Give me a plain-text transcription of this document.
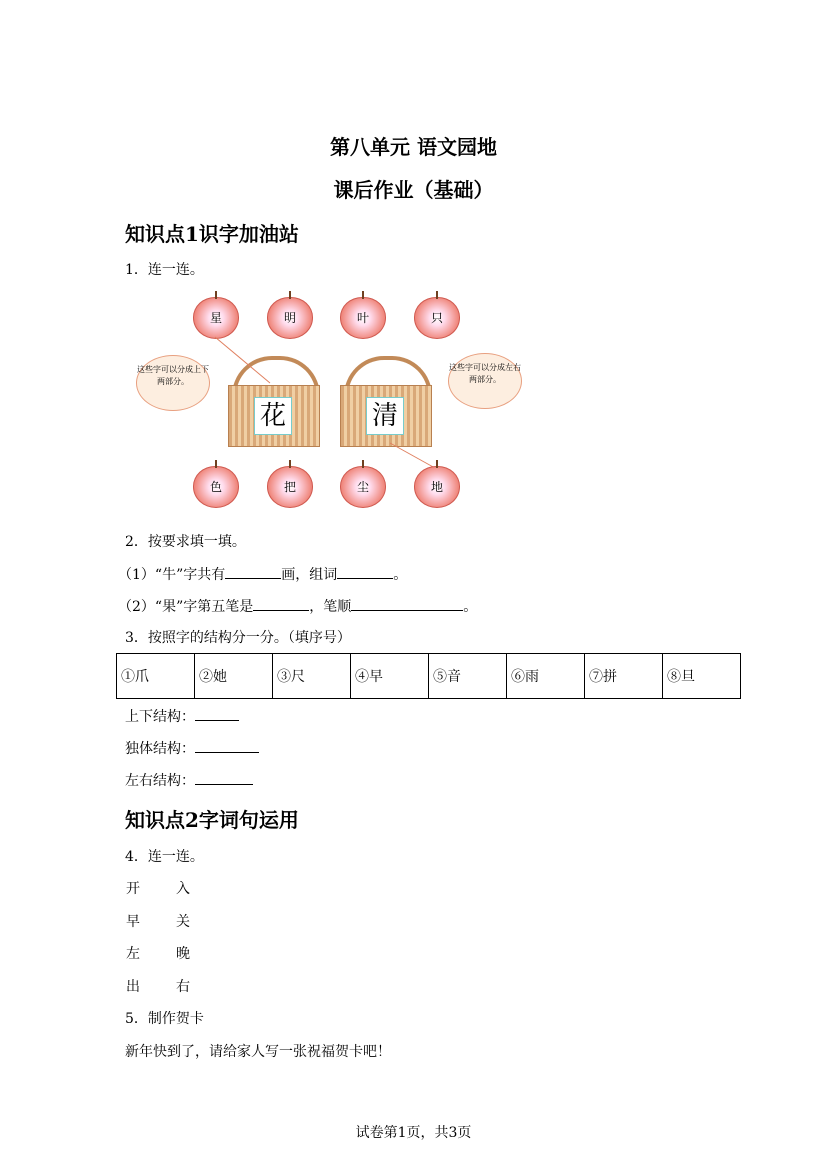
第八单元 语文园地
课后作业（基础）
知识点1识字加油站
1．连一连。
星	明	叶	只
花	清
这些字可以分成上下两部分。
这些字可以分成左右两部分。
色	把	尘	地
2．按要求填一填。
（1）“牛”字共有	画，组词	。
（2）“果”字第五笔是	，笔顺	。
3．按照字的结构分一分。（填序号）
①爪	②她	③尺	④早	⑤音	⑥雨	⑦拼	⑧旦
上下结构：
独体结构：
左右结构：
知识点2字词句运用
4．连一连。
开	入
早	关
左	晚
出	右
5．制作贺卡
新年快到了，请给家人写一张祝福贺卡吧！
试卷第1页，共3页
